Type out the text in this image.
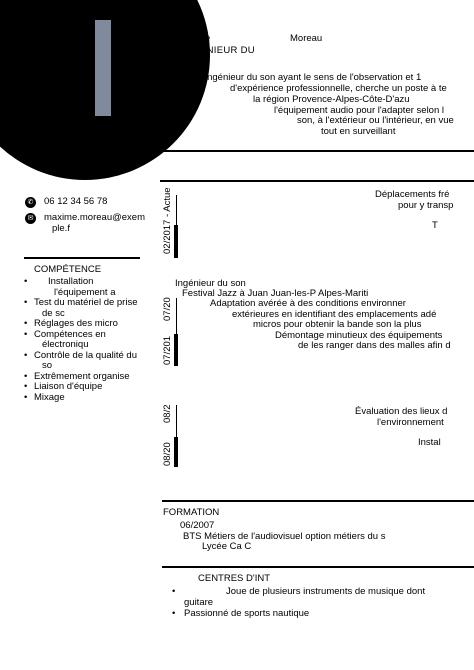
e	Moreau
ENIEUR DU
ingénieur du son ayant le sens de l'observation et 1
d'expérience professionnelle, cherche un poste à te
la région Provence-Alpes-Côte-D'azu
l'équipement audio pour l'adapter selon l
son, à l'extérieur ou l'intérieur, en vue
tout en surveillant
✆ 06 12 34 56 78
✉ maxime.moreau@exem
ple.f
COMPÉTENCE
• Installation
l'équipement a
• Test du matériel de prise
de sc
• Réglages des micro
• Compétences en
électroniqu
• Contrôle de la qualité du
so
• Extrêmement organise
• Liaison d'équipe
• Mixage
02/2017 - Actue	Déplacements fré
pour y transp
T
Ingénieur du son
Festival Jazz à Juan Juan-les-P Alpes-Mariti
07/20
07/201
Adaptation avérée à des conditions environner
extérieures en identifiant des emplacements adé
micros pour obtenir la bande son la plus
Démontage minutieux des équipements
de les ranger dans des malles afin d
08/2
08/20
Évaluation des lieux d
l'environnement
Instal
FORMATION
06/2007
BTS Métiers de l'audiovisuel option métiers du s
Lycée Ca C
CENTRES D'INT
• Joue de plusieurs instruments de musique dont
guitare
• Passionné de sports nautique
